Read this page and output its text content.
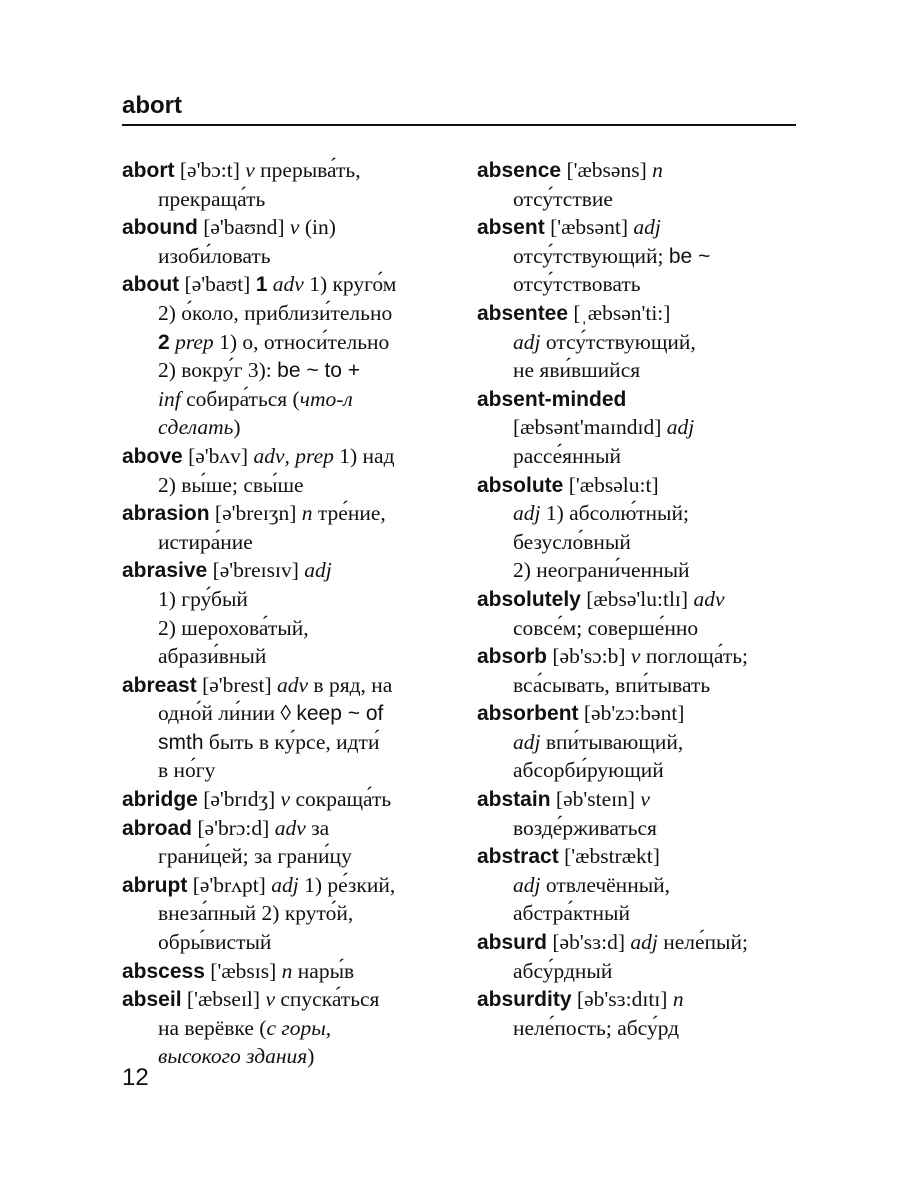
abort
abort [ə'bɔ:t] v прерыва́ть,
прекраща́ть
abound [ə'baʊnd] v (in)
изоби́ловать
about [ə'baʊt] 1 adv 1) круго́м
2) о́коло, приблизи́тельно
2 prep 1) о, относи́тельно
2) вокру́г 3): be ~ to +
inf собира́ться (что-л
сделать)
above [ə'bʌv] adv, prep 1) над
2) вы́ше; свы́ше
abrasion [ə'breɪʒn] n тре́ние,
истира́ние
abrasive [ə'breɪsɪv] adj
1) гру́бый
2) шерохова́тый,
абрази́вный
abreast [ə'brest] adv в ряд, на
одно́й ли́нии ◊ keep ~ of
smth быть в ку́рсе, идти́
в но́гу
abridge [ə'brɪdʒ] v сокраща́ть
abroad [ə'brɔ:d] adv за
грани́цей; за грани́цу
abrupt [ə'brʌpt] adj 1) ре́зкий,
внеза́пный 2) круто́й,
обры́вистый
abscess ['æbsɪs] n нары́в
abseil ['æbseɪl] v спуска́ться
на верёвке (с горы,
высокого здания)
absence ['æbsəns] n
отсу́тствие
absent ['æbsənt] adj
отсу́тствующий; be ~
отсу́тствовать
absentee [ˌæbsən'ti:]
adj отсу́тствующий,
не яви́вшийся
absent-minded
[æbsənt'maɪndɪd] adj
рассе́янный
absolute ['æbsəlu:t]
adj 1) абсолю́тный;
безусло́вный
2) неограни́ченный
absolutely [æbsə'lu:tlɪ] adv
совсе́м; соверше́нно
absorb [əb'sɔ:b] v поглоща́ть;
вса́сывать, впи́тывать
absorbent [əb'zɔ:bənt]
adj впи́тывающий,
абсорби́рующий
abstain [əb'steɪn] v
возде́рживаться
abstract ['æbstrækt]
adj отвлечённый,
абстра́ктный
absurd [əb'sɜ:d] adj неле́пый;
абсу́рдный
absurdity [əb'sɜ:dɪtɪ] n
неле́пость; абсу́рд
12
